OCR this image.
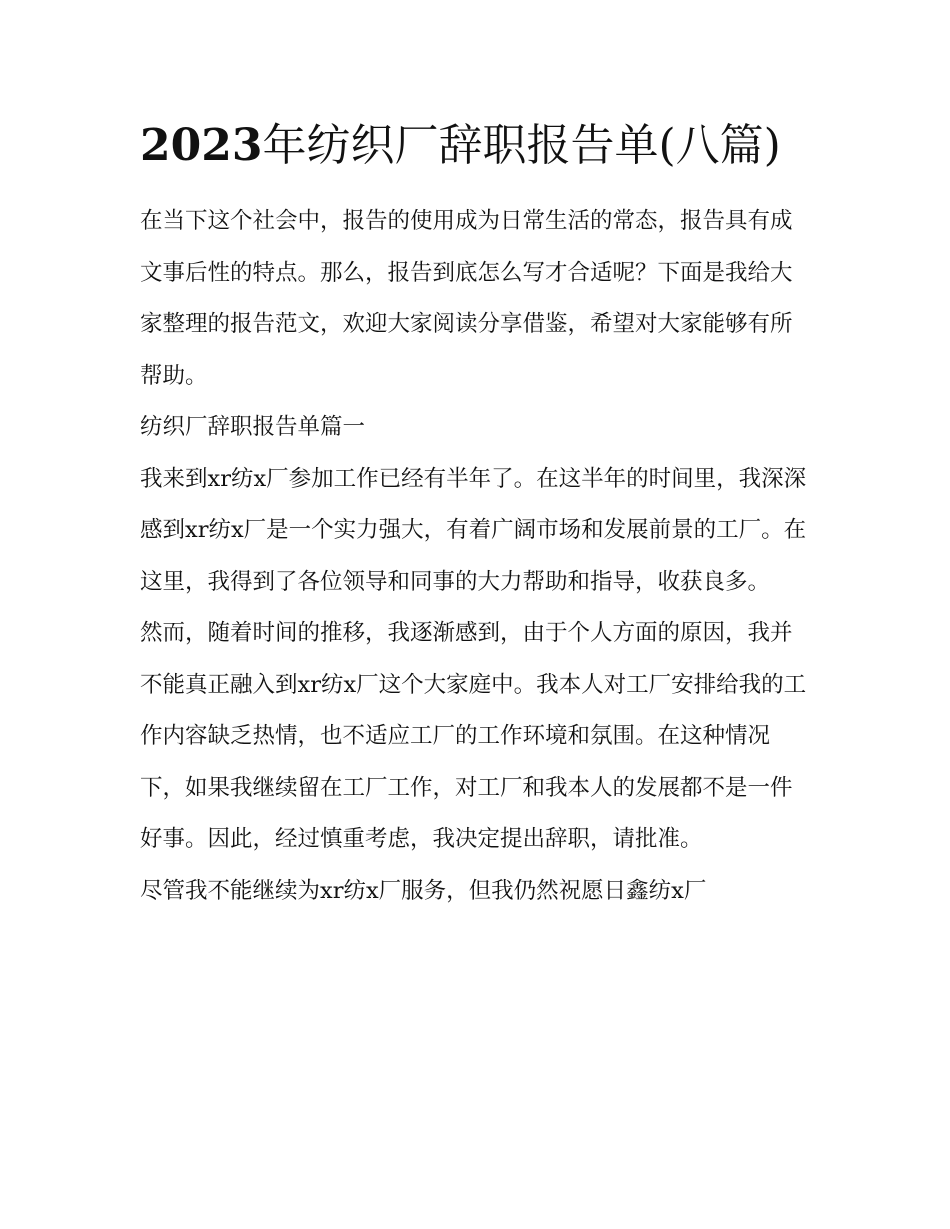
2023年纺织厂辞职报告单(八篇)

在当下这个社会中，报告的使用成为日常生活的常态，报告具有成文事后性的特点。那么，报告到底怎么写才合适呢？下面是我给大家整理的报告范文，欢迎大家阅读分享借鉴，希望对大家能够有所帮助。

纺织厂辞职报告单篇一

我来到xr纺x厂参加工作已经有半年了。在这半年的时间里，我深深感到xr纺x厂是一个实力强大，有着广阔市场和发展前景的工厂。在这里，我得到了各位领导和同事的大力帮助和指导，收获良多。

然而，随着时间的推移，我逐渐感到，由于个人方面的原因，我并不能真正融入到xr纺x厂这个大家庭中。我本人对工厂安排给我的工作内容缺乏热情，也不适应工厂的工作环境和氛围。在这种情况下，如果我继续留在工厂工作，对工厂和我本人的发展都不是一件好事。因此，经过慎重考虑，我决定提出辞职，请批准。

尽管我不能继续为xr纺x厂服务，但我仍然祝愿日鑫纺x厂
